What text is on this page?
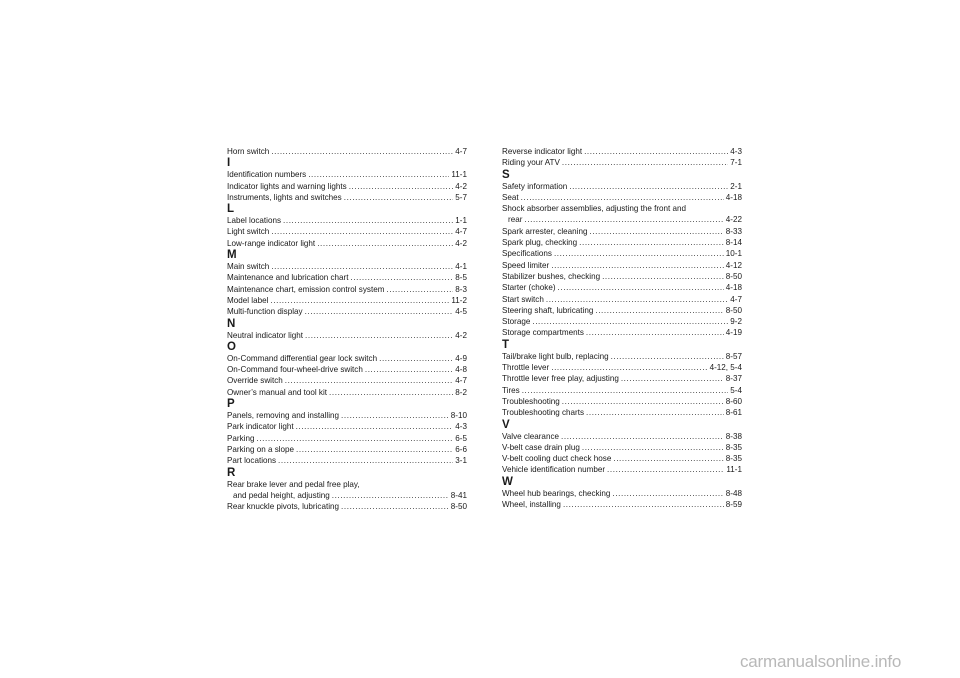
Horn switch .....	4-7
I
Identification numbers .....	11-1
Indicator lights and warning lights .....	4-2
Instruments, lights and switches .....	5-7
L
Label locations .....	1-1
Light switch .....	4-7
Low-range indicator light .....	4-2
M
Main switch .....	4-1
Maintenance and lubrication chart .....	8-5
Maintenance chart, emission control system .....	8-3
Model label .....	11-2
Multi-function display .....	4-5
N
Neutral indicator light .....	4-2
O
On-Command differential gear lock switch .....	4-9
On-Command four-wheel-drive switch .....	4-8
Override switch .....	4-7
Owner’s manual and tool kit .....	8-2
P
Panels, removing and installing .....	8-10
Park indicator light .....	4-3
Parking .....	6-5
Parking on a slope .....	6-6
Part locations .....	3-1
R
Rear brake lever and pedal free play,
and pedal height, adjusting .....	8-41
Rear knuckle pivots, lubricating .....	8-50
Reverse indicator light .....	4-3
Riding your ATV .....	7-1
S
Safety information .....	2-1
Seat .....	4-18
Shock absorber assemblies, adjusting the front and
rear .....	4-22
Spark arrester, cleaning .....	8-33
Spark plug, checking .....	8-14
Specifications .....	10-1
Speed limiter .....	4-12
Stabilizer bushes, checking .....	8-50
Starter (choke) .....	4-18
Start switch .....	4-7
Steering shaft, lubricating .....	8-50
Storage .....	9-2
Storage compartments .....	4-19
T
Tail/brake light bulb, replacing .....	8-57
Throttle lever .....	4-12, 5-4
Throttle lever free play, adjusting .....	8-37
Tires .....	5-4
Troubleshooting .....	8-60
Troubleshooting charts .....	8-61
V
Valve clearance .....	8-38
V-belt case drain plug .....	8-35
V-belt cooling duct check hose .....	8-35
Vehicle identification number .....	11-1
W
Wheel hub bearings, checking .....	8-48
Wheel, installing .....	8-59
carmanualsonline.info
